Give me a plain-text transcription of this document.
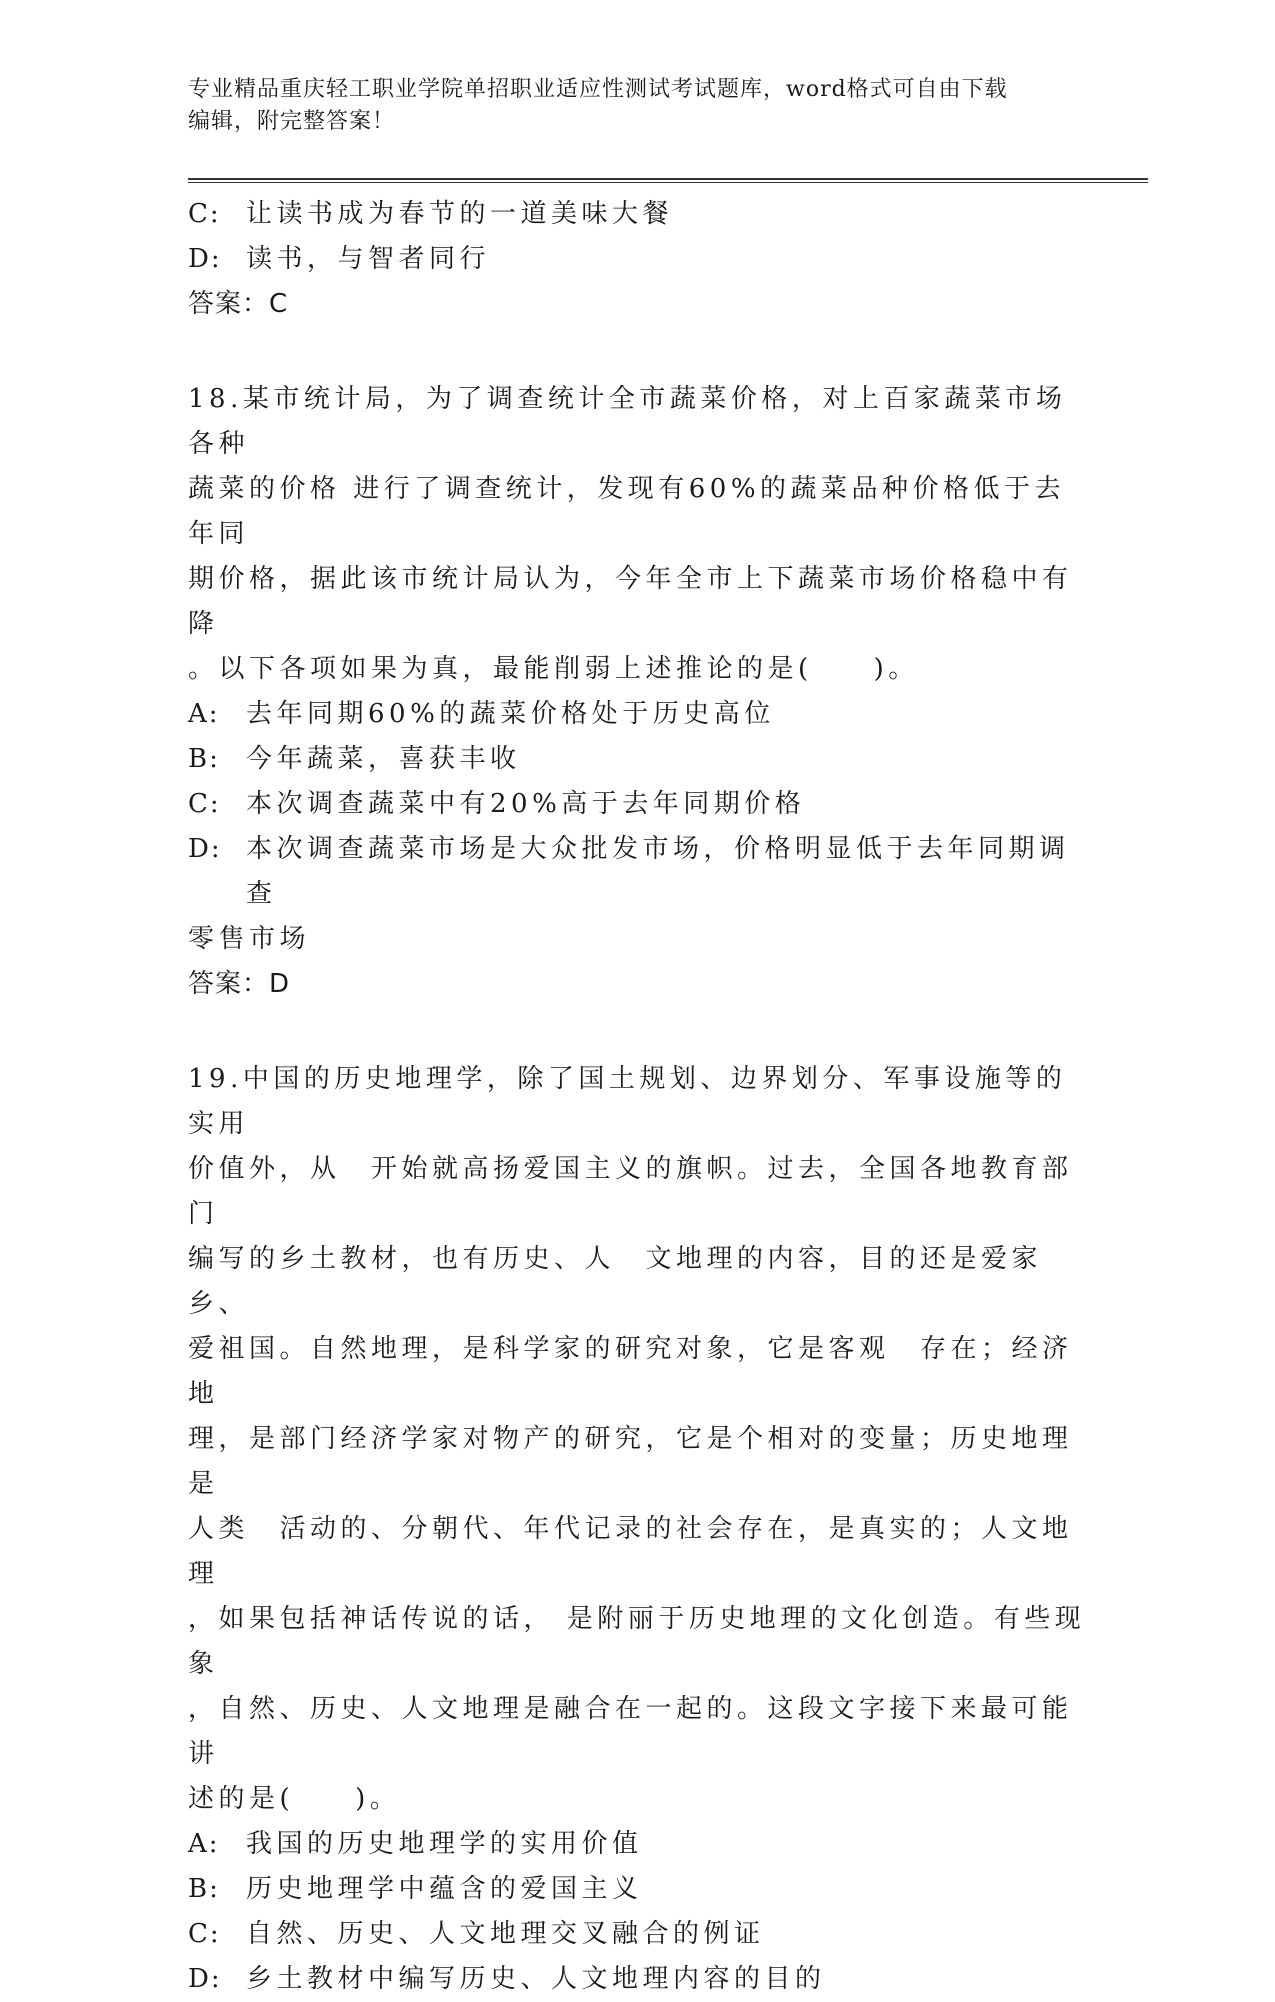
专业精品重庆轻工职业学院单招职业适应性测试考试题库，word格式可自由下载
编辑，附完整答案！
C: 让读书成为春节的一道美味大餐
D: 读书，与智者同行
答案：C
18.某市统计局，为了调查统计全市蔬菜价格，对上百家蔬菜市场各种
蔬菜的价格 进行了调查统计，发现有60%的蔬菜品种价格低于去年同
期价格，据此该市统计局认为，今年全市上下蔬菜市场价格稳中有降
。以下各项如果为真，最能削弱上述推论的是(　　)。
A:	去年同期60%的蔬菜价格处于历史高位
B:	今年蔬菜，喜获丰收
C: 本次调查蔬菜中有20%高于去年同期价格
D: 本次调查蔬菜市场是大众批发市场，价格明显低于去年同期调查
零售市场
答案：D
19.中国的历史地理学，除了国土规划、边界划分、军事设施等的实用
价值外，从　开始就高扬爱国主义的旗帜。过去，全国各地教育部门
编写的乡土教材，也有历史、人　文地理的内容，目的还是爱家乡、
爱祖国。自然地理，是科学家的研究对象，它是客观　存在；经济地
理，是部门经济学家对物产的研究，它是个相对的变量；历史地理是
人类　活动的、分朝代、年代记录的社会存在，是真实的；人文地理
，如果包括神话传说的话， 是附丽于历史地理的文化创造。有些现象
，自然、历史、人文地理是融合在一起的。这段文字接下来最可能讲
述的是(　　)。
A:	我国的历史地理学的实用价值
B:	历史地理学中蕴含的爱国主义
C: 自然、历史、人文地理交叉融合的例证
D: 乡土教材中编写历史、人文地理内容的目的
